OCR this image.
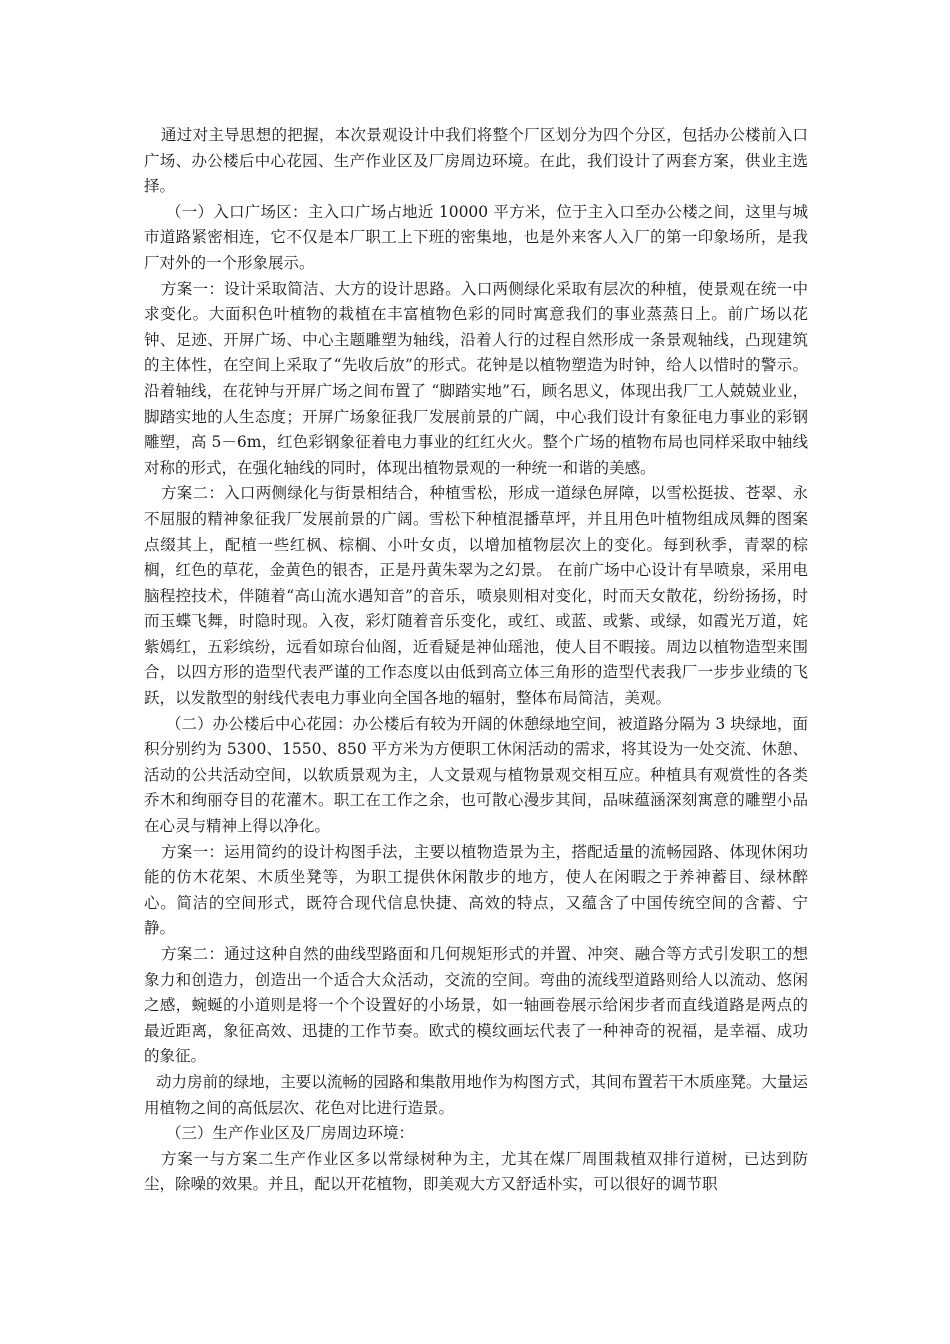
通过对主导思想的把握，本次景观设计中我们将整个厂区划分为四个分区，包括办公楼前入口广场、办公楼后中心花园、生产作业区及厂房周边环境。在此，我们设计了两套方案，供业主选择。

（一）入口广场区：主入口广场占地近 10000 平方米，位于主入口至办公楼之间，这里与城市道路紧密相连，它不仅是本厂职工上下班的密集地，也是外来客人入厂的第一印象场所，是我厂对外的一个形象展示。

方案一：设计采取简洁、大方的设计思路。入口两侧绿化采取有层次的种植，使景观在统一中求变化。大面积色叶植物的栽植在丰富植物色彩的同时寓意我们的事业蒸蒸日上。前广场以花钟、足迹、开屏广场、中心主题雕塑为轴线，沿着人行的过程自然形成一条景观轴线，凸现建筑的主体性，在空间上采取了“先收后放”的形式。花钟是以植物塑造为时钟，给人以惜时的警示。沿着轴线，在花钟与开屏广场之间布置了 “脚踏实地”石，顾名思义，体现出我厂工人兢兢业业，脚踏实地的人生态度；开屏广场象征我厂发展前景的广阔，中心我们设计有象征电力事业的彩钢雕塑，高 5－6m，红色彩钢象征着电力事业的红红火火。整个广场的植物布局也同样采取中轴线对称的形式，在强化轴线的同时，体现出植物景观的一种统一和谐的美感。

方案二：入口两侧绿化与街景相结合，种植雪松，形成一道绿色屏障，以雪松挺拔、苍翠、永不屈服的精神象征我厂发展前景的广阔。雪松下种植混播草坪，并且用色叶植物组成凤舞的图案点缀其上，配植一些红枫、棕榈、小叶女贞，以增加植物层次上的变化。每到秋季，青翠的棕榈，红色的草花，金黄色的银杏，正是丹黄朱翠为之幻景。 在前广场中心设计有旱喷泉，采用电脑程控技术，伴随着“高山流水遇知音”的音乐，喷泉则相对变化，时而天女散花，纷纷扬扬，时而玉蝶飞舞，时隐时现。入夜，彩灯随着音乐变化，或红、或蓝、或紫、或绿，如霞光万道，姹紫嫣红，五彩缤纷，远看如琼台仙阁，近看疑是神仙瑶池，使人目不暇接。周边以植物造型来围合，以四方形的造型代表严谨的工作态度以由低到高立体三角形的造型代表我厂一步步业绩的飞跃，以发散型的射线代表电力事业向全国各地的辐射，整体布局简洁，美观。

（二）办公楼后中心花园：办公楼后有较为开阔的休憩绿地空间，被道路分隔为 3 块绿地，面积分别约为 5300、1550、850 平方米为方便职工休闲活动的需求，将其设为一处交流、休憩、活动的公共活动空间，以软质景观为主，人文景观与植物景观交相互应。种植具有观赏性的各类乔木和绚丽夺目的花灌木。职工在工作之余，也可散心漫步其间，品味蕴涵深刻寓意的雕塑小品在心灵与精神上得以净化。

方案一：运用简约的设计构图手法，主要以植物造景为主，搭配适量的流畅园路、体现休闲功能的仿木花架、木质坐凳等，为职工提供休闲散步的地方，使人在闲暇之于养神蓄目、绿林醉心。简洁的空间形式，既符合现代信息快捷、高效的特点，又蕴含了中国传统空间的含蓄、宁静。

方案二：通过这种自然的曲线型路面和几何规矩形式的并置、冲突、融合等方式引发职工的想象力和创造力，创造出一个适合大众活动，交流的空间。弯曲的流线型道路则给人以流动、悠闲之感，蜿蜒的小道则是将一个个设置好的小场景，如一轴画卷展示给闲步者而直线道路是两点的最近距离，象征高效、迅捷的工作节奏。欧式的模纹画坛代表了一种神奇的祝福，是幸福、成功的象征。

动力房前的绿地，主要以流畅的园路和集散用地作为构图方式，其间布置若干木质座凳。大量运用植物之间的高低层次、花色对比进行造景。

（三）生产作业区及厂房周边环境：

方案一与方案二生产作业区多以常绿树种为主，尤其在煤厂周围栽植双排行道树，已达到防尘，除噪的效果。并且，配以开花植物，即美观大方又舒适朴实，可以很好的调节职
